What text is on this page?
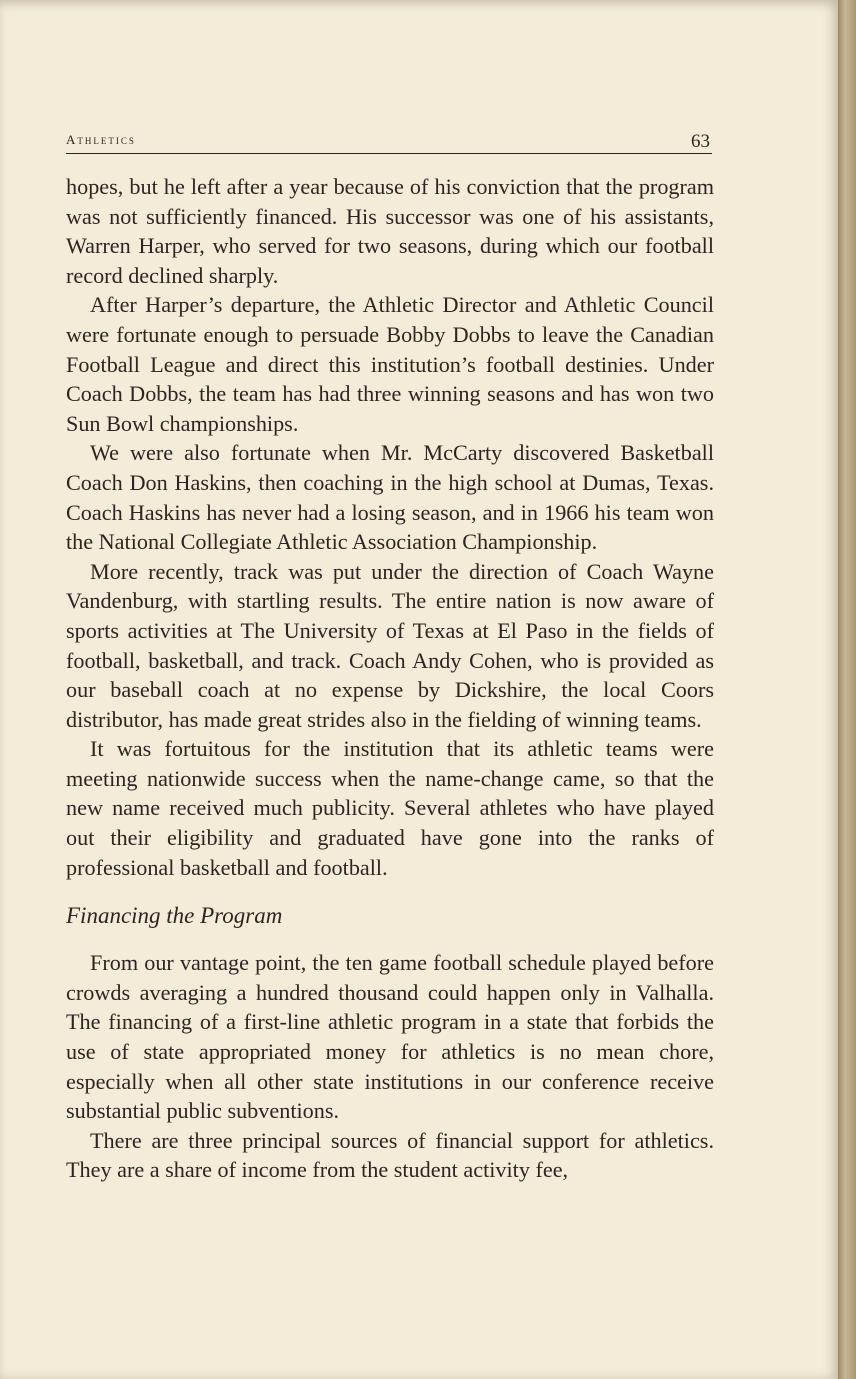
Athletics	63

hopes, but he left after a year because of his conviction that the program was not sufficiently financed. His successor was one of his assistants, Warren Harper, who served for two seasons, during which our football record declined sharply.

After Harper’s departure, the Athletic Director and Athletic Council were fortunate enough to persuade Bobby Dobbs to leave the Canadian Football League and direct this institution’s football destinies. Under Coach Dobbs, the team has had three winning seasons and has won two Sun Bowl championships.

We were also fortunate when Mr. McCarty discovered Basketball Coach Don Haskins, then coaching in the high school at Dumas, Texas. Coach Haskins has never had a losing season, and in 1966 his team won the National Collegiate Athletic Association Championship.

More recently, track was put under the direction of Coach Wayne Vandenburg, with startling results. The entire nation is now aware of sports activities at The University of Texas at El Paso in the fields of football, basketball, and track. Coach Andy Cohen, who is provided as our baseball coach at no expense by Dickshire, the local Coors distributor, has made great strides also in the fielding of winning teams.

It was fortuitous for the institution that its athletic teams were meeting nationwide success when the name-change came, so that the new name received much publicity. Several athletes who have played out their eligibility and graduated have gone into the ranks of professional basketball and football.

Financing the Program

From our vantage point, the ten game football schedule played before crowds averaging a hundred thousand could happen only in Valhalla. The financing of a first-line athletic program in a state that forbids the use of state appropriated money for athletics is no mean chore, especially when all other state institutions in our conference receive substantial public subventions.

There are three principal sources of financial support for athletics. They are a share of income from the student activity fee,
